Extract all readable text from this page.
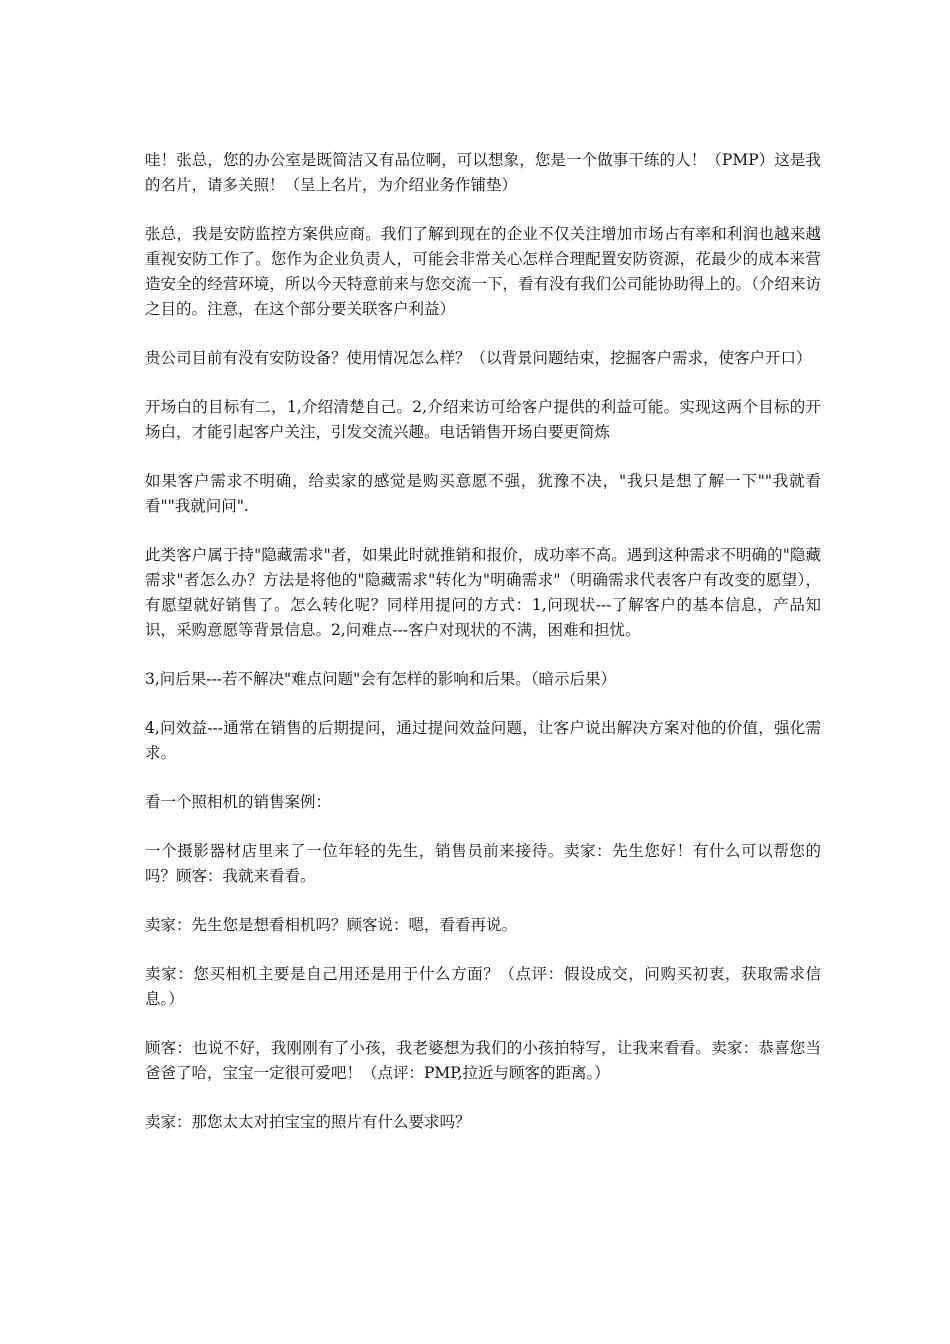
哇！张总，您的办公室是既简洁又有品位啊，可以想象，您是一个做事干练的人！（PMP）这是我的名片，请多关照！（呈上名片，为介绍业务作铺垫）

张总，我是安防监控方案供应商。我们了解到现在的企业不仅关注增加市场占有率和利润也越来越重视安防工作了。您作为企业负责人，可能会非常关心怎样合理配置安防资源，花最少的成本来营造安全的经营环境，所以今天特意前来与您交流一下，看有没有我们公司能协助得上的。（介绍来访之目的。注意，在这个部分要关联客户利益）

贵公司目前有没有安防设备？使用情况怎么样？（以背景问题结束，挖掘客户需求，使客户开口）

开场白的目标有二，1,介绍清楚自己。2,介绍来访可给客户提供的利益可能。实现这两个目标的开场白，才能引起客户关注，引发交流兴趣。电话销售开场白要更简炼

如果客户需求不明确，给卖家的感觉是购买意愿不强，犹豫不决，"我只是想了解一下""我就看看""我就问问".

此类客户属于持"隐藏需求"者，如果此时就推销和报价，成功率不高。遇到这种需求不明确的"隐藏需求"者怎么办？方法是将他的"隐藏需求"转化为"明确需求"（明确需求代表客户有改变的愿望），有愿望就好销售了。怎么转化呢？同样用提问的方式：1,问现状---了解客户的基本信息，产品知识，采购意愿等背景信息。2,问难点---客户对现状的不满，困难和担忧。

3,问后果---若不解决"难点问题"会有怎样的影响和后果。（暗示后果）

4,问效益---通常在销售的后期提问，通过提问效益问题，让客户说出解决方案对他的价值，强化需求。

看一个照相机的销售案例：

一个摄影器材店里来了一位年轻的先生，销售员前来接待。卖家：先生您好！有什么可以帮您的吗？顾客：我就来看看。

卖家：先生您是想看相机吗？顾客说：嗯，看看再说。

卖家：您买相机主要是自己用还是用于什么方面？（点评：假设成交，问购买初衷，获取需求信息。）

顾客：也说不好，我刚刚有了小孩，我老婆想为我们的小孩拍特写，让我来看看。卖家：恭喜您当爸爸了哈，宝宝一定很可爱吧！（点评：PMP,拉近与顾客的距离。）

卖家：那您太太对拍宝宝的照片有什么要求吗？
